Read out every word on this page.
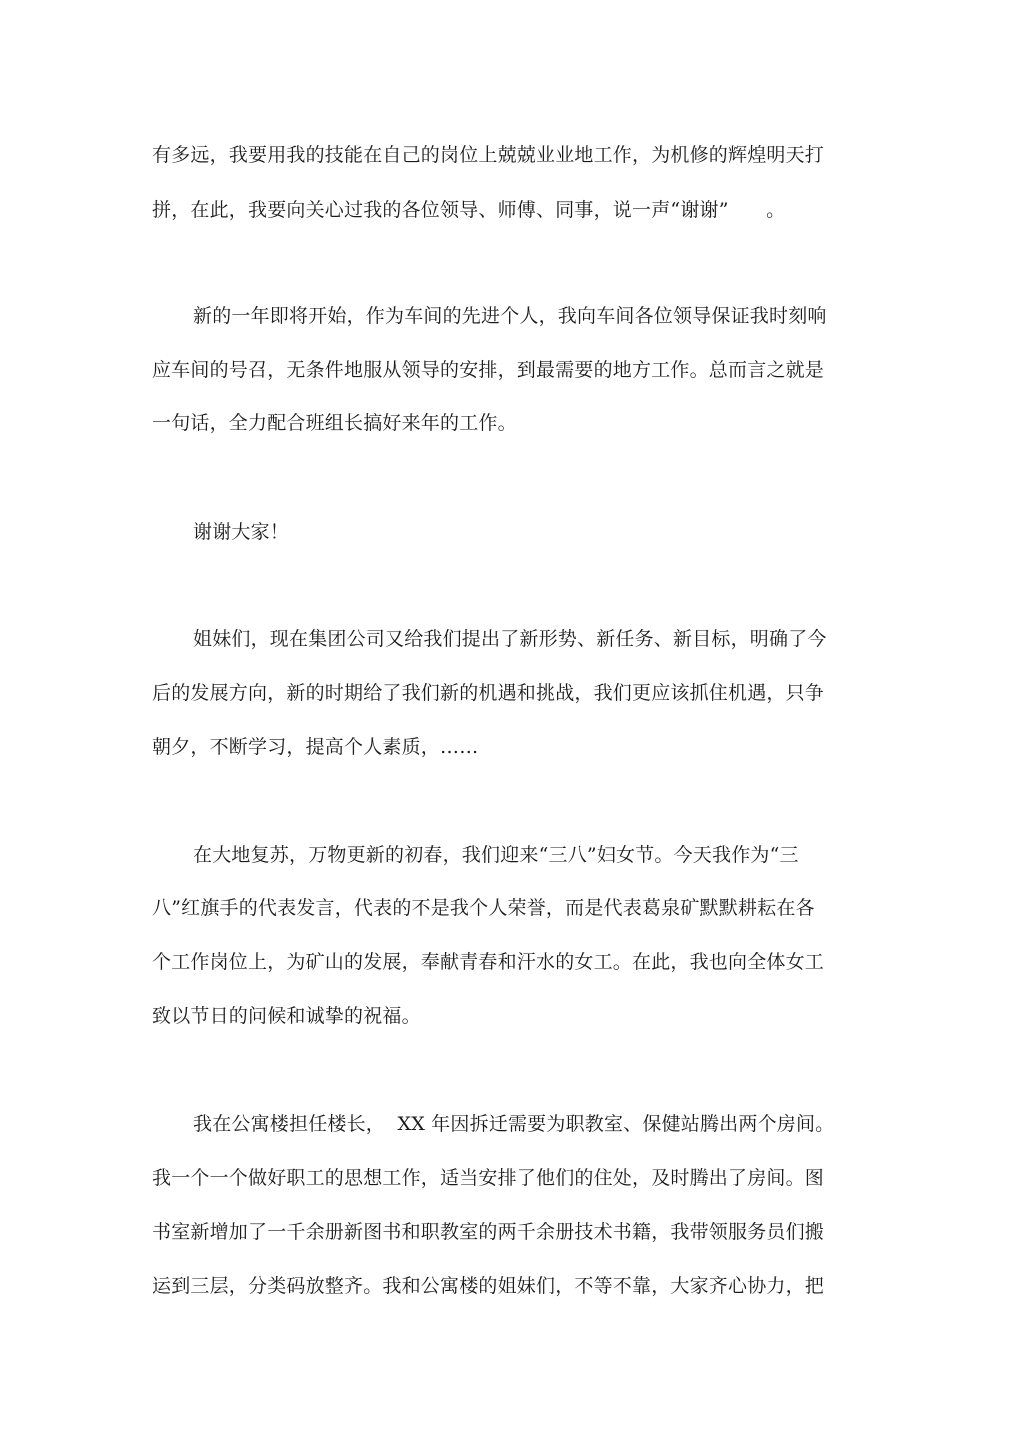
有多远，我要用我的技能在自己的岗位上兢兢业业地工作，为机修的辉煌明天打
拼，在此，我要向关心过我的各位领导、师傅、同事，说一声“谢谢”      。
新的一年即将开始，作为车间的先进个人，我向车间各位领导保证我时刻响
应车间的号召，无条件地服从领导的安排，到最需要的地方工作。总而言之就是
一句话，全力配合班组长搞好来年的工作。
谢谢大家！
姐妹们，现在集团公司又给我们提出了新形势、新任务、新目标，明确了今
后的发展方向，新的时期给了我们新的机遇和挑战，我们更应该抓住机遇，只争
朝夕，不断学习，提高个人素质，……
在大地复苏，万物更新的初春，我们迎来“三八”妇女节。今天我作为“三
八”红旗手的代表发言，代表的不是我个人荣誉，而是代表葛泉矿默默耕耘在各
个工作岗位上，为矿山的发展，奉献青春和汗水的女工。在此，我也向全体女工
致以节日的问候和诚挚的祝福。
我在公寓楼担任楼长，  XX 年因拆迁需要为职教室、保健站腾出两个房间。
我一个一个做好职工的思想工作，适当安排了他们的住处，及时腾出了房间。图
书室新增加了一千余册新图书和职教室的两千余册技术书籍，我带领服务员们搬
运到三层，分类码放整齐。我和公寓楼的姐妹们，不等不靠，大家齐心协力，把
